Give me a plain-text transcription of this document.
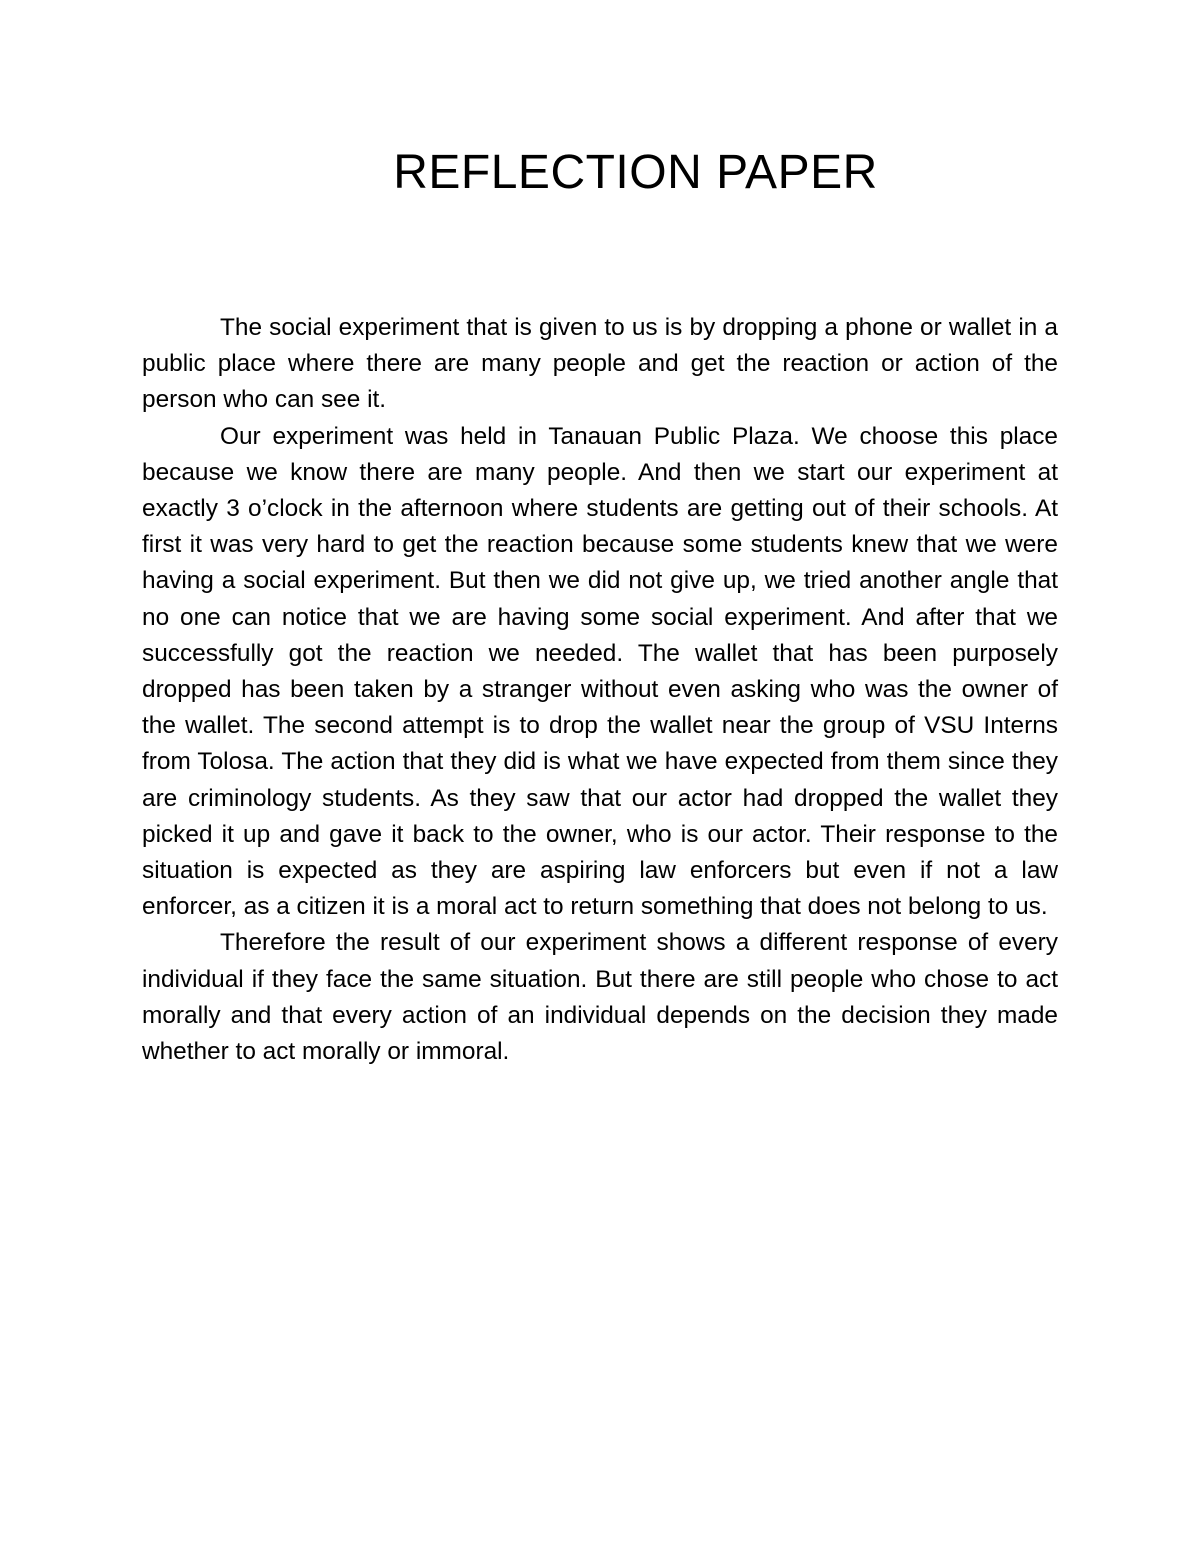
REFLECTION PAPER

The social experiment that is given to us is by dropping a phone or wallet in a public place where there are many people and get the reaction or action of the person who can see it.

Our experiment was held in Tanauan Public Plaza. We choose this place because we know there are many people. And then we start our experiment at exactly 3 o’clock in the afternoon where students are getting out of their schools. At first it was very hard to get the reaction because some students knew that we were having a social experiment. But then we did not give up, we tried another angle that no one can notice that we are having some social experiment. And after that we successfully got the reaction we needed. The wallet that has been purposely dropped has been taken by a stranger without even asking who was the owner of the wallet. The second attempt is to drop the wallet near the group of VSU Interns from Tolosa. The action that they did is what we have expected from them since they are criminology students. As they saw that our actor had dropped the wallet they picked it up and gave it back to the owner, who is our actor. Their response to the situation is expected as they are aspiring law enforcers but even if not a law enforcer, as a citizen it is a moral act to return something that does not belong to us.

Therefore the result of our experiment shows a different response of every individual if they face the same situation. But there are still people who chose to act morally and that every action of an individual depends on the decision they made whether to act morally or immoral.
